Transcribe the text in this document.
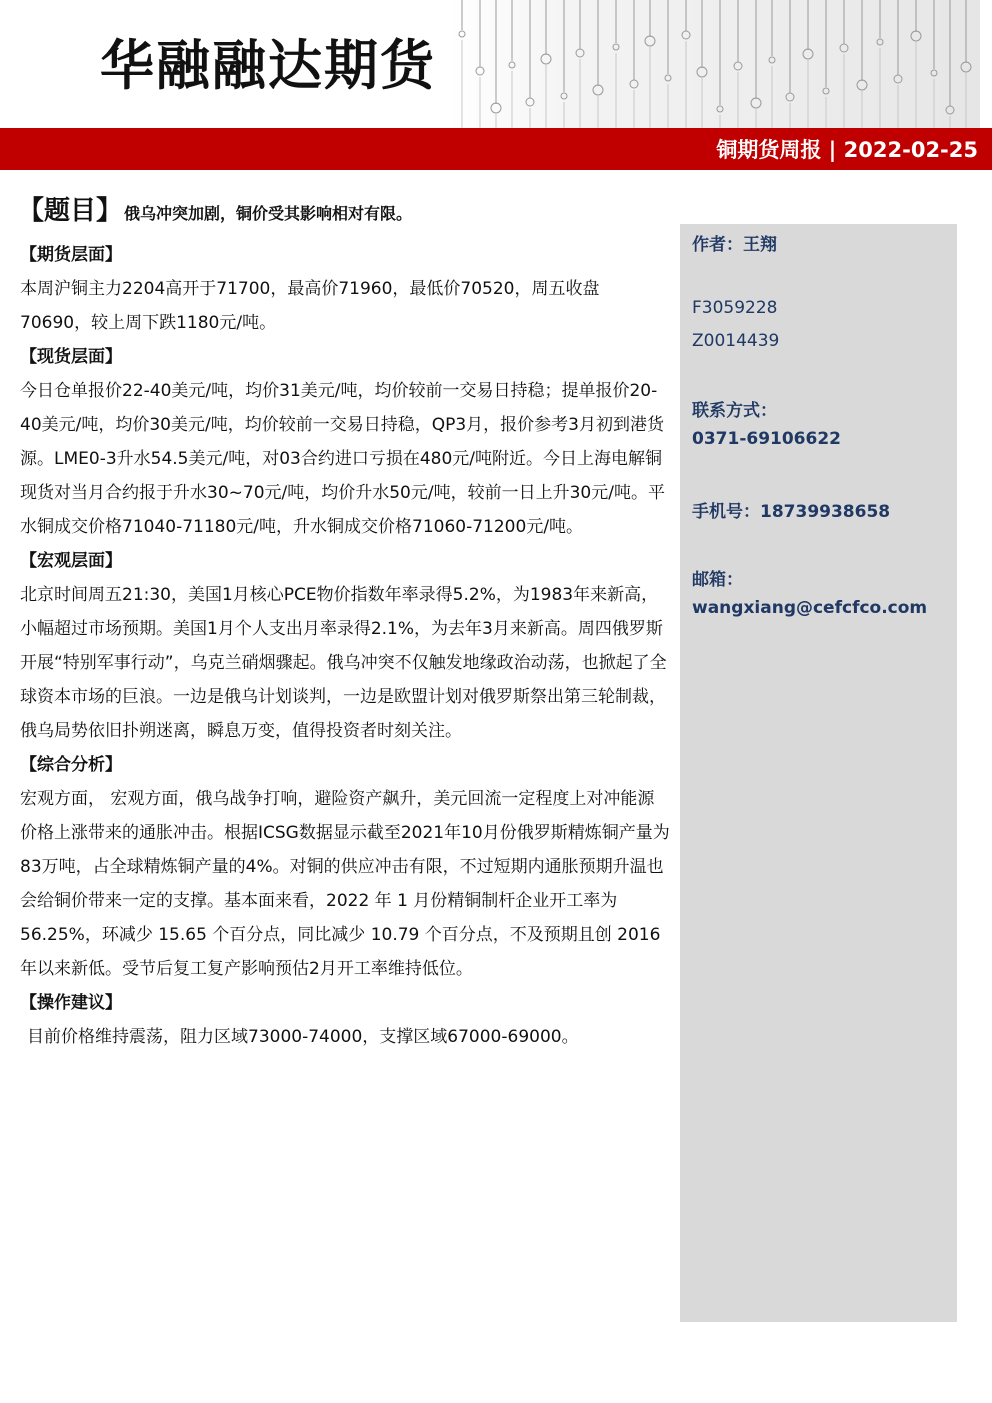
华融融达期货
铜期货周报 | 2022-02-25
【题目】 俄乌冲突加剧，铜价受其影响相对有限。
【期货层面】

本周沪铜主力2204高开于71700，最高价71960，最低价70520，周五收盘70690，较上周下跌1180元/吨。

【现货层面】

今日仓单报价22-40美元/吨，均价31美元/吨，均价较前一交易日持稳；提单报价20-40美元/吨，均价30美元/吨，均价较前一交易日持稳，QP3月，报价参考3月初到港货源。LME0-3升水54.5美元/吨，对03合约进口亏损在480元/吨附近。今日上海电解铜现货对当月合约报于升水30~70元/吨，均价升水50元/吨，较前一日上升30元/吨。平水铜成交价格71040-71180元/吨，升水铜成交价格71060-71200元/吨。

【宏观层面】

北京时间周五21:30，美国1月核心PCE物价指数年率录得5.2%，为1983年来新高，小幅超过市场预期。美国1月个人支出月率录得2.1%，为去年3月来新高。周四俄罗斯开展“特别军事行动”，乌克兰硝烟骤起。俄乌冲突不仅触发地缘政治动荡，也掀起了全球资本市场的巨浪。一边是俄乌计划谈判，一边是欧盟计划对俄罗斯祭出第三轮制裁，俄乌局势依旧扑朔迷离，瞬息万变，值得投资者时刻关注。

【综合分析】

宏观方面， 宏观方面，俄乌战争打响，避险资产飙升，美元回流一定程度上对冲能源价格上涨带来的通胀冲击。根据ICSG数据显示截至2021年10月份俄罗斯精炼铜产量为83万吨，占全球精炼铜产量的4%。对铜的供应冲击有限，不过短期内通胀预期升温也会给铜价带来一定的支撑。基本面来看，2022 年 1 月份精铜制杆企业开工率为 56.25%，环减少 15.65 个百分点，同比减少 10.79 个百分点，不及预期且创 2016 年以来新低。受节后复工复产影响预估2月开工率维持低位。

【操作建议】

目前价格维持震荡，阻力区域73000-74000，支撑区域67000-69000。

作者：王翔
F3059228
Z0014439
联系方式：
0371-69106622
手机号：18739938658
邮箱：
wangxiang@cefcfco.com
